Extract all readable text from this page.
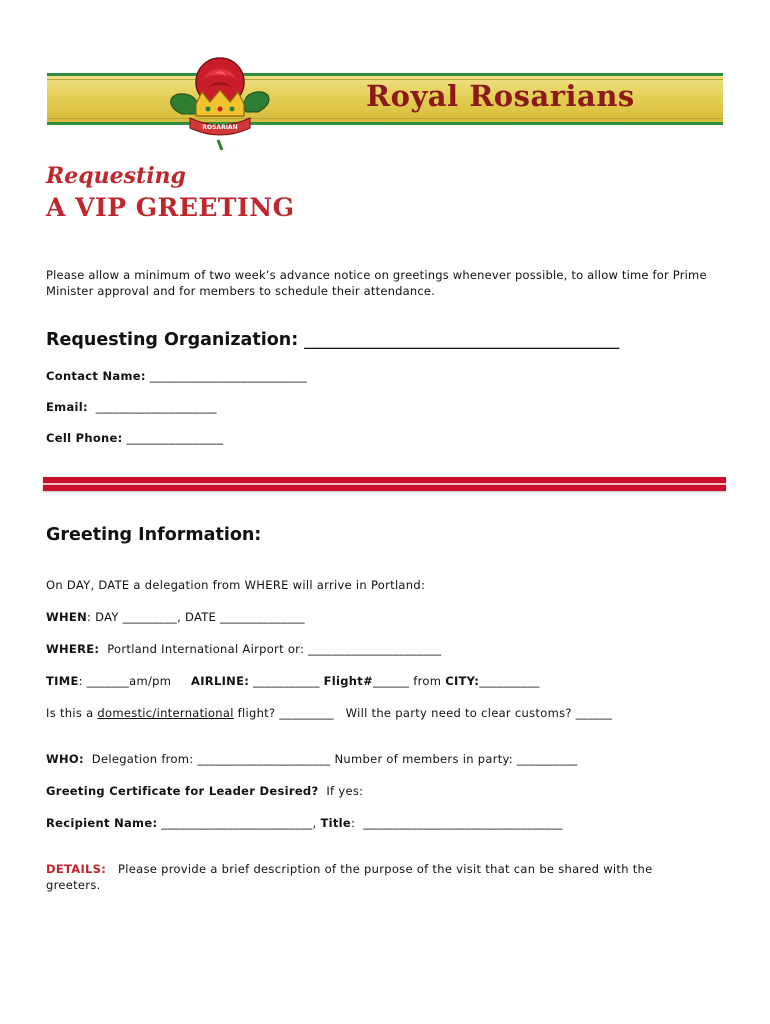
Royal Rosarians
ROSARIAN
Requesting
A VIP GREETING
Please allow a minimum of two week’s advance notice on greetings whenever possible, to allow time for Prime Minister approval and for members to schedule their attendance.
Requesting Organization: ____________________________________
Contact Name: __________________________
Email:  ____________________
Cell Phone: ________________
Greeting Information:
On DAY, DATE a delegation from WHERE will arrive in Portland:
WHEN: DAY _________, DATE ______________
WHERE:  Portland International Airport or: ______________________
TIME: _______am/pm     AIRLINE: ___________ Flight#______ from CITY:__________
Is this a domestic/international flight? _________   Will the party need to clear customs? ______
WHO:  Delegation from: ______________________ Number of members in party: __________
Greeting Certificate for Leader Desired?  If yes:
Recipient Name: _________________________, Title:  _________________________________
DETAILS:   Please provide a brief description of the purpose of the visit that can be shared with the
greeters.
